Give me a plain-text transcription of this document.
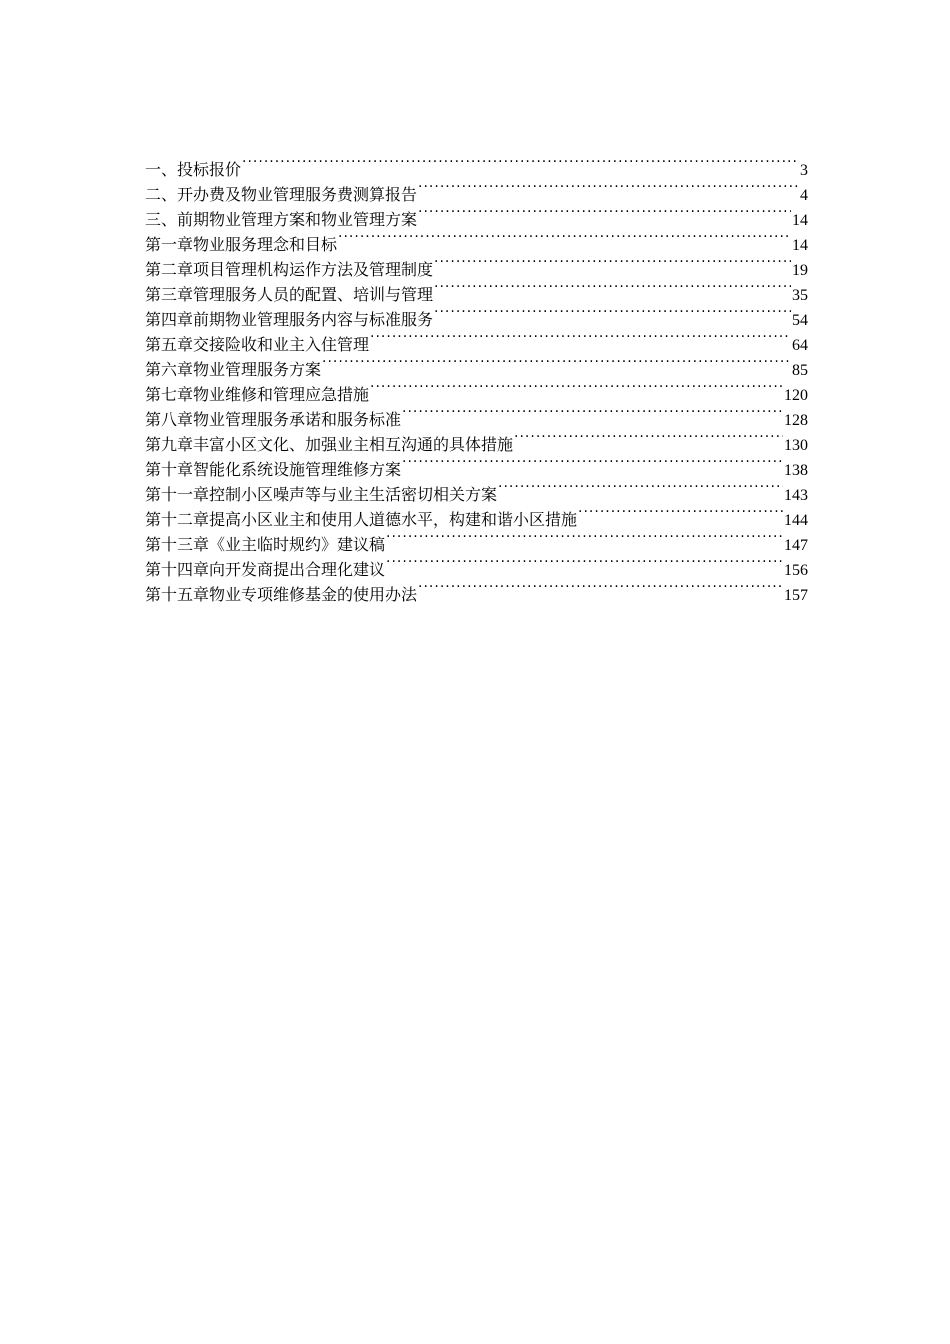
一、投标报价 ·····	3
二、开办费及物业管理服务费测算报告 ·····	4
三、前期物业管理方案和物业管理方案 ·····	14
第一章物业服务理念和目标 ·····	14
第二章项目管理机构运作方法及管理制度 ·····	19
第三章管理服务人员的配置、培训与管理 ·····	35
第四章前期物业管理服务内容与标准服务 ·····	54
第五章交接险收和业主入住管理 ·····	64
第六章物业管理服务方案 ·····	85
第七章物业维修和管理应急措施 ·····	120
第八章物业管理服务承诺和服务标准 ·····	128
第九章丰富小区文化、加强业主相互沟通的具体措施 ·····	130
第十章智能化系统设施管理维修方案 ·····	138
第十一章控制小区噪声等与业主生活密切相关方案 ·····	143
第十二章提高小区业主和使用人道德水平，构建和谐小区措施 ·····	144
第十三章《业主临时规约》建议稿 ·····	147
第十四章向开发商提出合理化建议 ·····	156
第十五章物业专项维修基金的使用办法 ·····	157
